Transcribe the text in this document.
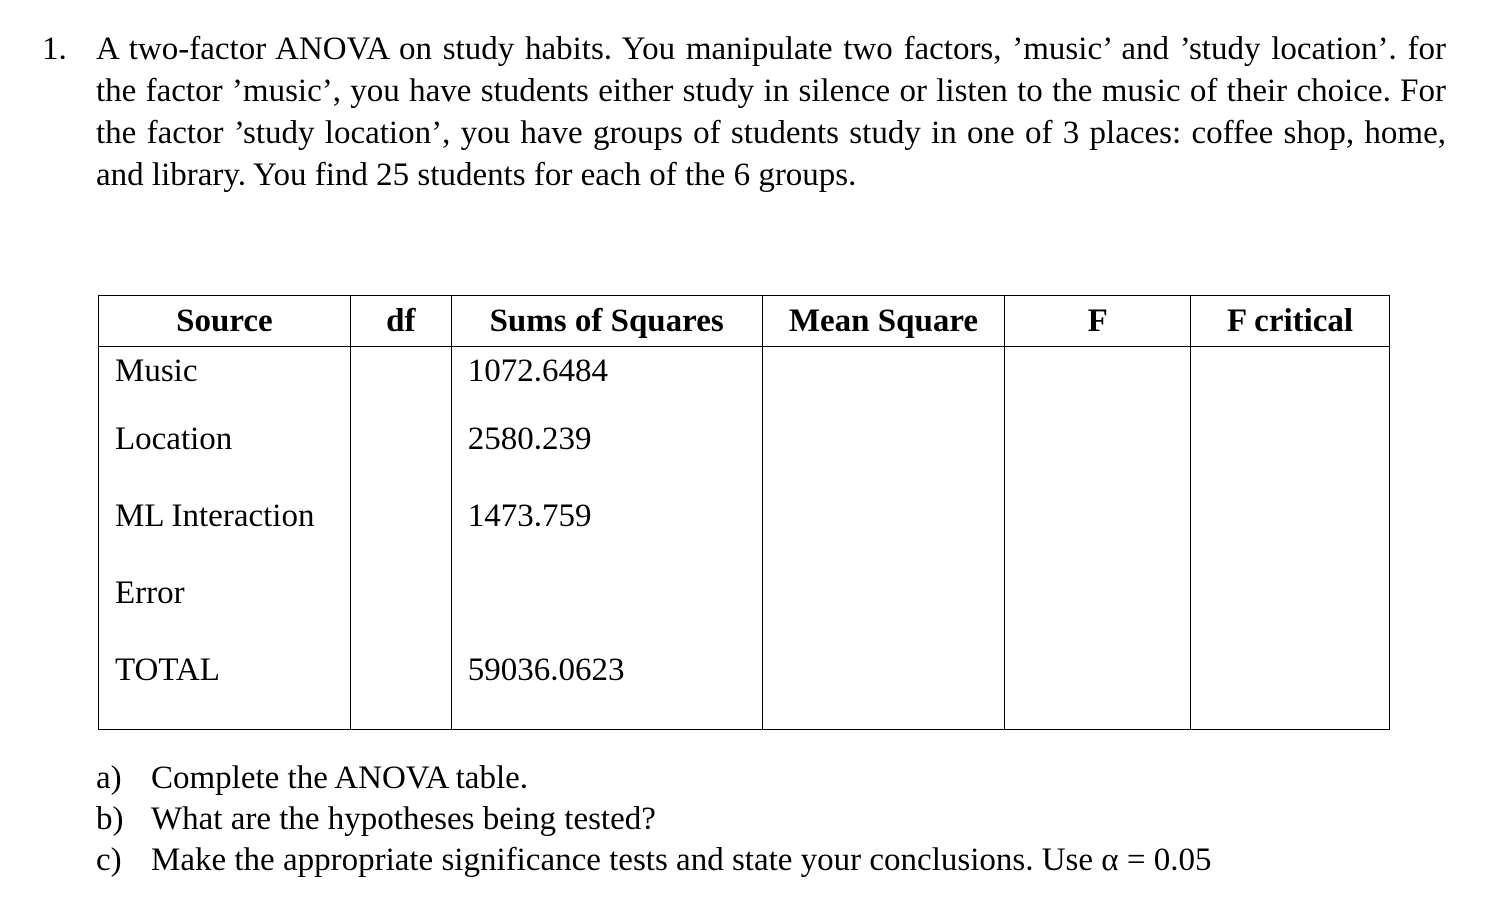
1. A two-factor ANOVA on study habits. You manipulate two factors, ’music’ and ’study location’. for the factor ’music’, you have students either study in silence or listen to the music of their choice. For the factor ’study location’, you have groups of students study in one of 3 places: coffee shop, home, and library. You find 25 students for each of the 6 groups.
Source	df	Sums of Squares	Mean Square	F	F critical
Music		1072.6484			
Location		2580.239			
ML Interaction		1473.759			
Error					
TOTAL		59036.0623			
a) Complete the ANOVA table.
b) What are the hypotheses being tested?
c) Make the appropriate significance tests and state your conclusions. Use α = 0.05
